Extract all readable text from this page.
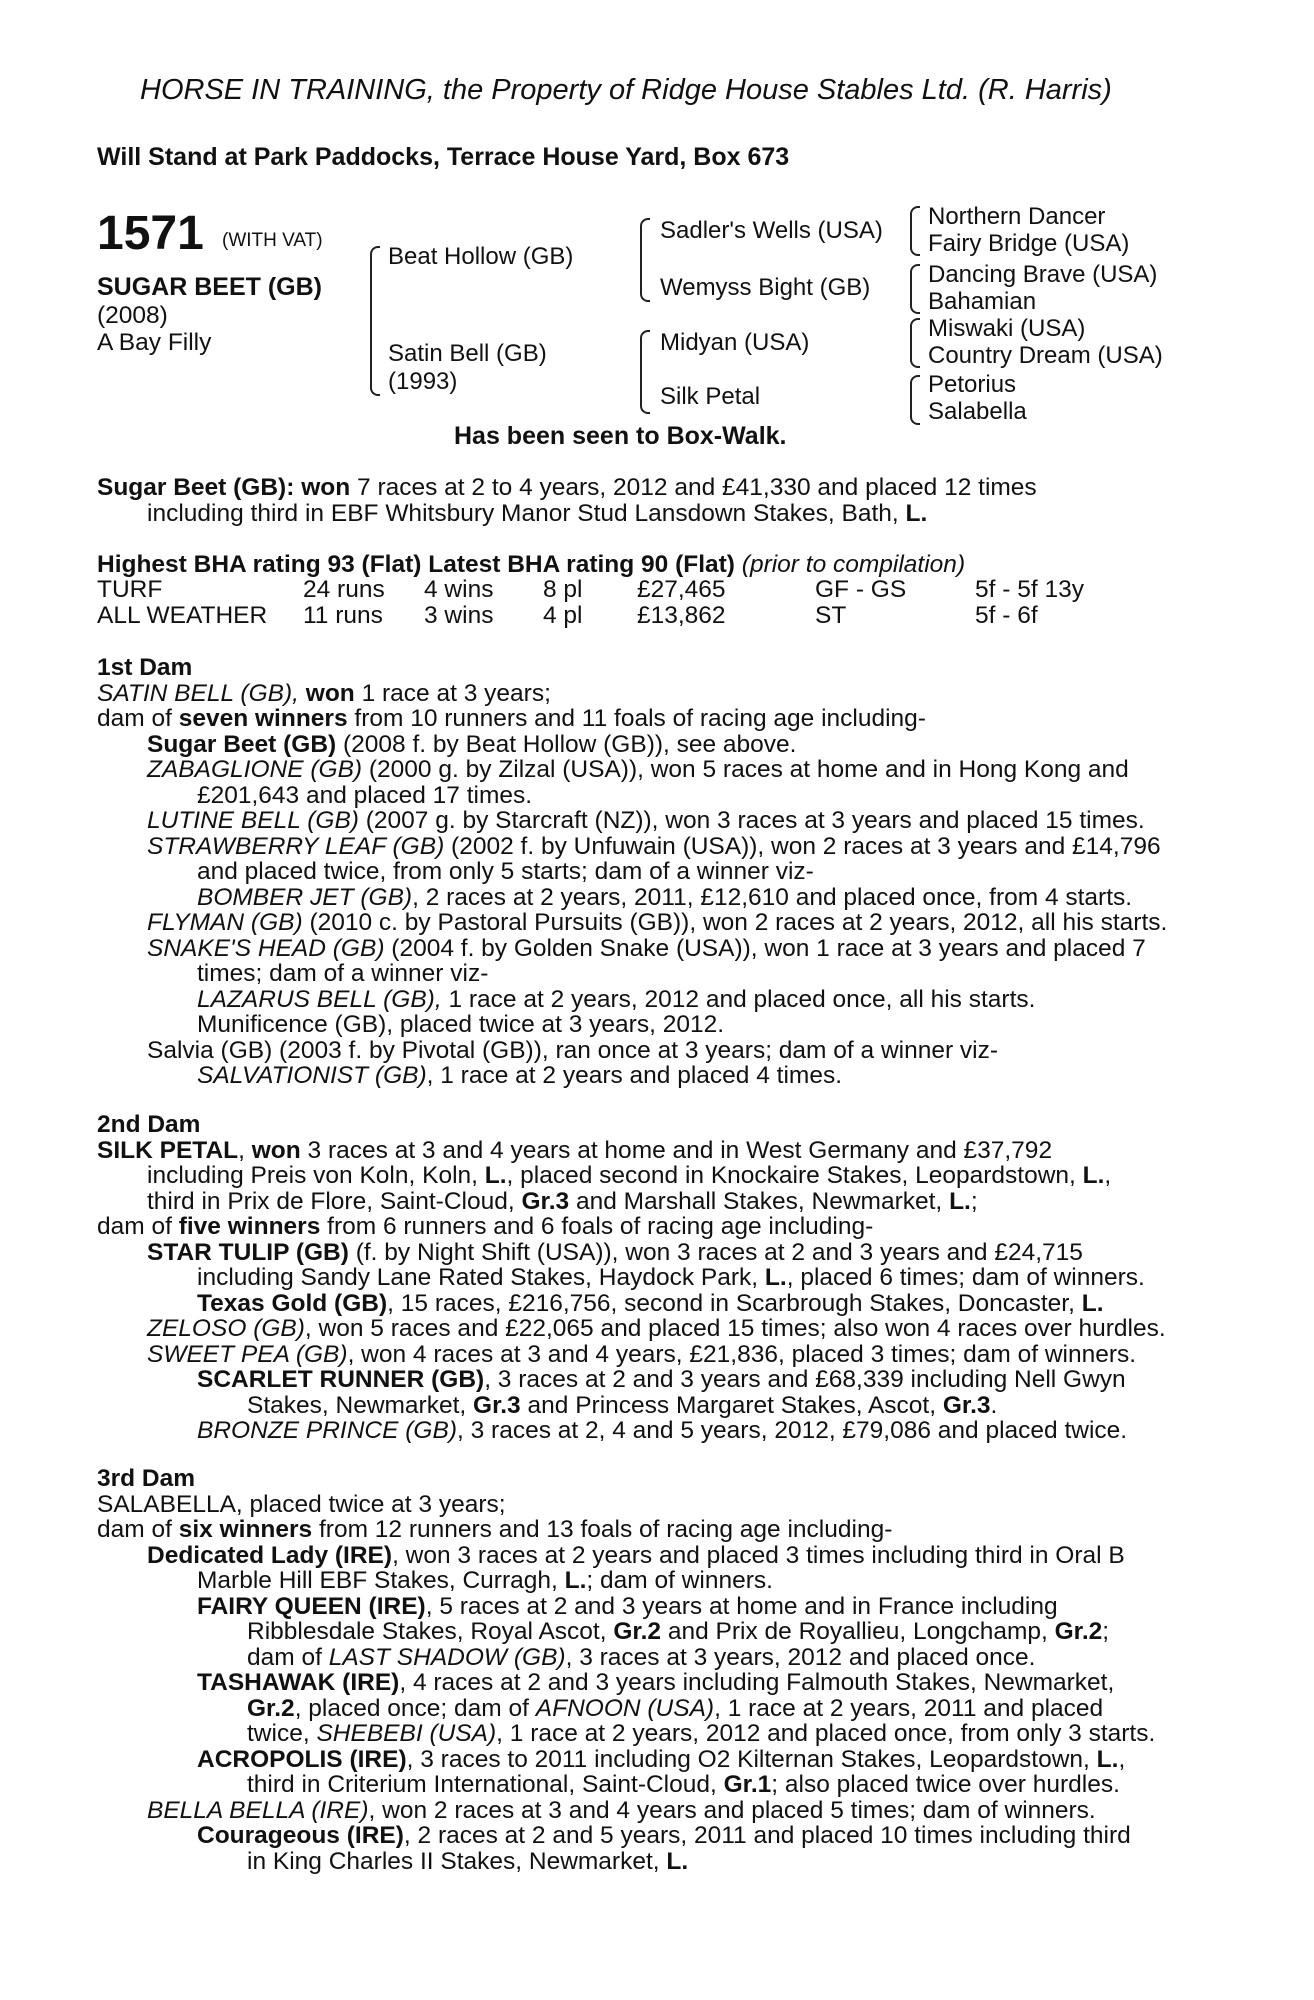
HORSE IN TRAINING, the Property of Ridge House Stables Ltd. (R. Harris)
Will Stand at Park Paddocks, Terrace House Yard, Box 673
1571 (WITH VAT)
SUGAR BEET (GB)
(2008)
A Bay Filly
Beat Hollow (GB)
Satin Bell (GB)
(1993)
Sadler's Wells (USA)
Wemyss Bight (GB)
Midyan (USA)
Silk Petal
Northern Dancer
Fairy Bridge (USA)
Dancing Brave (USA)
Bahamian
Miswaki (USA)
Country Dream (USA)
Petorius
Salabella
Has been seen to Box-Walk.
Sugar Beet (GB): won 7 races at 2 to 4 years, 2012 and £41,330 and placed 12 times
including third in EBF Whitsbury Manor Stud Lansdown Stakes, Bath, L.
Highest BHA rating 93 (Flat) Latest BHA rating 90 (Flat) (prior to compilation)
TURF	24 runs 4 wins 8 pl £27,465	GF - GS	5f - 5f 13y
ALL WEATHER 11 runs 3 wins 4 pl £13,862	ST	5f - 6f
1st Dam
SATIN BELL (GB), won 1 race at 3 years;
dam of seven winners from 10 runners and 11 foals of racing age including-
Sugar Beet (GB) (2008 f. by Beat Hollow (GB)), see above.
ZABAGLIONE (GB) (2000 g. by Zilzal (USA)), won 5 races at home and in Hong Kong and
£201,643 and placed 17 times.
LUTINE BELL (GB) (2007 g. by Starcraft (NZ)), won 3 races at 3 years and placed 15 times.
STRAWBERRY LEAF (GB) (2002 f. by Unfuwain (USA)), won 2 races at 3 years and £14,796
and placed twice, from only 5 starts; dam of a winner viz-
BOMBER JET (GB), 2 races at 2 years, 2011, £12,610 and placed once, from 4 starts.
FLYMAN (GB) (2010 c. by Pastoral Pursuits (GB)), won 2 races at 2 years, 2012, all his starts.
SNAKE'S HEAD (GB) (2004 f. by Golden Snake (USA)), won 1 race at 3 years and placed 7
times; dam of a winner viz-
LAZARUS BELL (GB), 1 race at 2 years, 2012 and placed once, all his starts.
Munificence (GB), placed twice at 3 years, 2012.
Salvia (GB) (2003 f. by Pivotal (GB)), ran once at 3 years; dam of a winner viz-
SALVATIONIST (GB), 1 race at 2 years and placed 4 times.
2nd Dam
SILK PETAL, won 3 races at 3 and 4 years at home and in West Germany and £37,792
including Preis von Koln, Koln, L., placed second in Knockaire Stakes, Leopardstown, L.,
third in Prix de Flore, Saint-Cloud, Gr.3 and Marshall Stakes, Newmarket, L.;
dam of five winners from 6 runners and 6 foals of racing age including-
STAR TULIP (GB) (f. by Night Shift (USA)), won 3 races at 2 and 3 years and £24,715
including Sandy Lane Rated Stakes, Haydock Park, L., placed 6 times; dam of winners.
Texas Gold (GB), 15 races, £216,756, second in Scarbrough Stakes, Doncaster, L.
ZELOSO (GB), won 5 races and £22,065 and placed 15 times; also won 4 races over hurdles.
SWEET PEA (GB), won 4 races at 3 and 4 years, £21,836, placed 3 times; dam of winners.
SCARLET RUNNER (GB), 3 races at 2 and 3 years and £68,339 including Nell Gwyn
Stakes, Newmarket, Gr.3 and Princess Margaret Stakes, Ascot, Gr.3.
BRONZE PRINCE (GB), 3 races at 2, 4 and 5 years, 2012, £79,086 and placed twice.
3rd Dam
SALABELLA, placed twice at 3 years;
dam of six winners from 12 runners and 13 foals of racing age including-
Dedicated Lady (IRE), won 3 races at 2 years and placed 3 times including third in Oral B
Marble Hill EBF Stakes, Curragh, L.; dam of winners.
FAIRY QUEEN (IRE), 5 races at 2 and 3 years at home and in France including
Ribblesdale Stakes, Royal Ascot, Gr.2 and Prix de Royallieu, Longchamp, Gr.2;
dam of LAST SHADOW (GB), 3 races at 3 years, 2012 and placed once.
TASHAWAK (IRE), 4 races at 2 and 3 years including Falmouth Stakes, Newmarket,
Gr.2, placed once; dam of AFNOON (USA), 1 race at 2 years, 2011 and placed
twice, SHEBEBI (USA), 1 race at 2 years, 2012 and placed once, from only 3 starts.
ACROPOLIS (IRE), 3 races to 2011 including O2 Kilternan Stakes, Leopardstown, L.,
third in Criterium International, Saint-Cloud, Gr.1; also placed twice over hurdles.
BELLA BELLA (IRE), won 2 races at 3 and 4 years and placed 5 times; dam of winners.
Courageous (IRE), 2 races at 2 and 5 years, 2011 and placed 10 times including third
in King Charles II Stakes, Newmarket, L.
